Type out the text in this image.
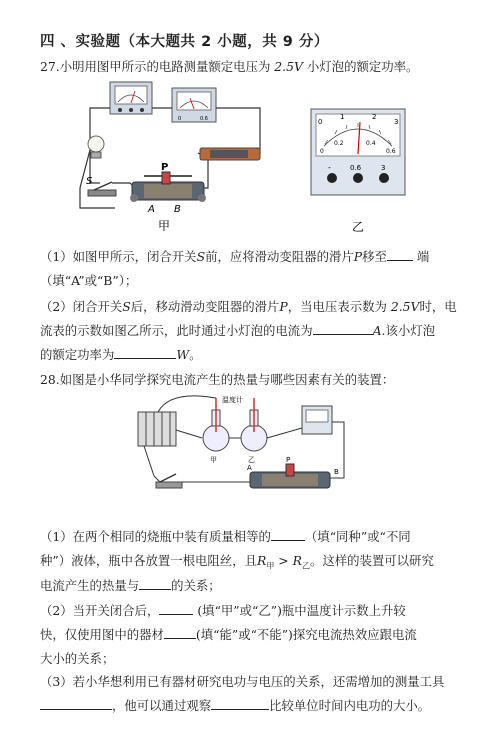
四 、实验题（本大题共 2 小题，共 9 分）
27.小明用图甲所示的电路测量额定电压为 2.5V 小灯泡的额定功率。
0	0.6
S
P
A B
甲
0
1	2
3
0
0.2	0.4
0.6
-	0.6	3
乙
（1）如图甲所示，闭合开关S前，应将滑动变阻器的滑片P移至 端
（填“A”或“B”）；
（2）闭合开关S后，移动滑动变阻器的滑片P，当电压表示数为 2.5V时，电
流表的示数如图乙所示，此时通过小灯泡的电流为	A.该小灯泡
的额定功率为	W。
28.如图是小华同学探究电流产生的热量与哪些因素有关的装置：
甲	乙
温度计
A
P
B
（1）在两个相同的烧瓶中装有质量相等的	（填“同种”或“不同
种”）液体，瓶中各放置一根电阻丝，且$R_甲 > R_乙$。这样的装置可以研究
电流产生的热量与	的关系；
（2）当开关闭合后，	(填“甲”或“乙”)瓶中温度计示数上升较
快，仅使用图中的器材	(填“能”或“不能”)探究电流热效应跟电流
大小的关系；
（3）若小华想利用已有器材研究电功与电压的关系，还需增加的测量工具
，他可以通过观察	比较单位时间内电功的大小。
